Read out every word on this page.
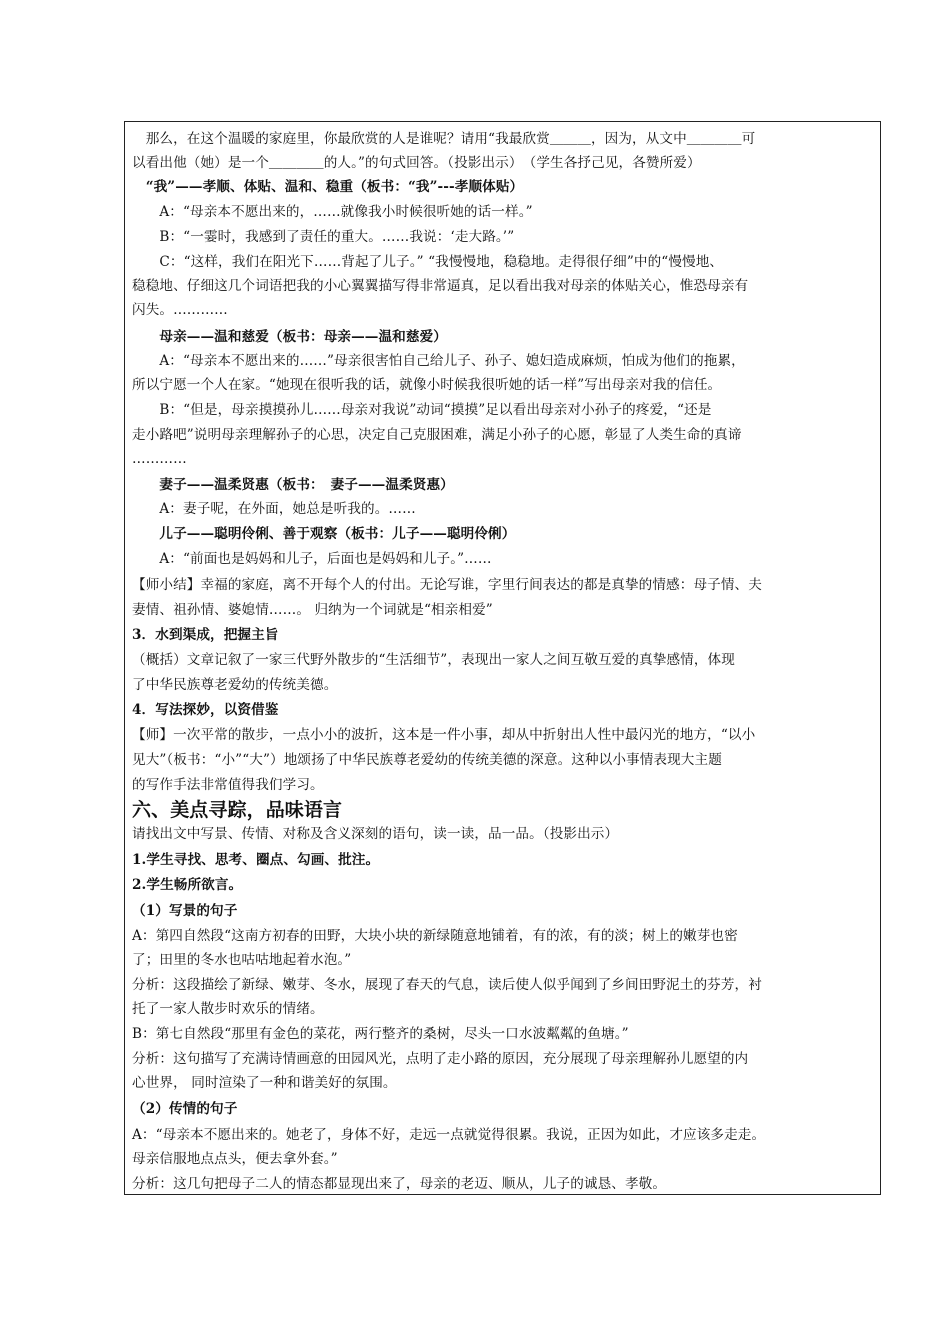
　那么，在这个温暖的家庭里，你最欣赏的人是谁呢？请用“我最欣赏＿＿＿，因为，从文中＿＿＿＿可
以看出他（她）是一个＿＿＿＿的人。”的句式回答。（投影出示）　（学生各抒己见，各赞所爱）
　“我”——孝顺、体贴、温和、稳重（板书：“我”---孝顺体贴）
　　A：“母亲本不愿出来的，……就像我小时候很听她的话一样。”
　　B：“一霎时，我感到了责任的重大。……我说：‘走大路。’”
　　C：“这样，我们在阳光下……背起了儿子。” “我慢慢地，稳稳地。走得很仔细”中的“慢慢地、
稳稳地、仔细这几个词语把我的小心翼翼描写得非常逼真，足以看出我对母亲的体贴关心，惟恐母亲有
闪失。…………
　　母亲——温和慈爱（板书：母亲——温和慈爱）
　　A：“母亲本不愿出来的……”母亲很害怕自己给儿子、孙子、媳妇造成麻烦，怕成为他们的拖累，
所以宁愿一个人在家。“她现在很听我的话，就像小时候我很听她的话一样”写出母亲对我的信任。
　　B：“但是，母亲摸摸孙儿……母亲对我说”动词“摸摸”足以看出母亲对小孙子的疼爱，“还是
走小路吧”说明母亲理解孙子的心思，决定自己克服困难，满足小孙子的心愿，彰显了人类生命的真谛
…………
　　妻子——温柔贤惠（板书：　妻子——温柔贤惠）
　　A：妻子呢，在外面，她总是听我的。……
　　儿子——聪明伶俐、善于观察（板书：儿子——聪明伶俐）
　　A：“前面也是妈妈和儿子，后面也是妈妈和儿子。”……
【师小结】幸福的家庭，离不开每个人的付出。无论写谁，字里行间表达的都是真挚的情感：母子情、夫
妻情、祖孙情、婆媳情……。 归纳为一个词就是“相亲相爱”
3．水到渠成，把握主旨
（概括）文章记叙了一家三代野外散步的“生活细节”，表现出一家人之间互敬互爱的真挚感情，体现
了中华民族尊老爱幼的传统美德。
4．写法探妙，以资借鉴
【师】一次平常的散步，一点小小的波折，这本是一件小事，却从中折射出人性中最闪光的地方，“以小
见大”（板书：“小”“大”）地颂扬了中华民族尊老爱幼的传统美德的深意。这种以小事情表现大主题
的写作手法非常值得我们学习。
六、美点寻踪，品味语言
请找出文中写景、传情、对称及含义深刻的语句，读一读，品一品。（投影出示）
1.学生寻找、思考、圈点、勾画、批注。
2.学生畅所欲言。
（1）写景的句子
A：第四自然段“这南方初春的田野，大块小块的新绿随意地铺着，有的浓，有的淡；树上的嫩芽也密
了；田里的冬水也咕咕地起着水泡。”
分析：这段描绘了新绿、嫩芽、冬水，展现了春天的气息，读后使人似乎闻到了乡间田野泥土的芬芳，衬
托了一家人散步时欢乐的情绪。
B：第七自然段“那里有金色的菜花，两行整齐的桑树，尽头一口水波粼粼的鱼塘。”
分析：这句描写了充满诗情画意的田园风光，点明了走小路的原因，充分展现了母亲理解孙儿愿望的内
心世界， 同时渲染了一种和谐美好的氛围。
（2）传情的句子
A：“母亲本不愿出来的。她老了，身体不好，走远一点就觉得很累。我说，正因为如此，才应该多走走。
母亲信服地点点头，便去拿外套。”
分析：这几句把母子二人的情态都显现出来了，母亲的老迈、顺从，儿子的诚恳、孝敬。
